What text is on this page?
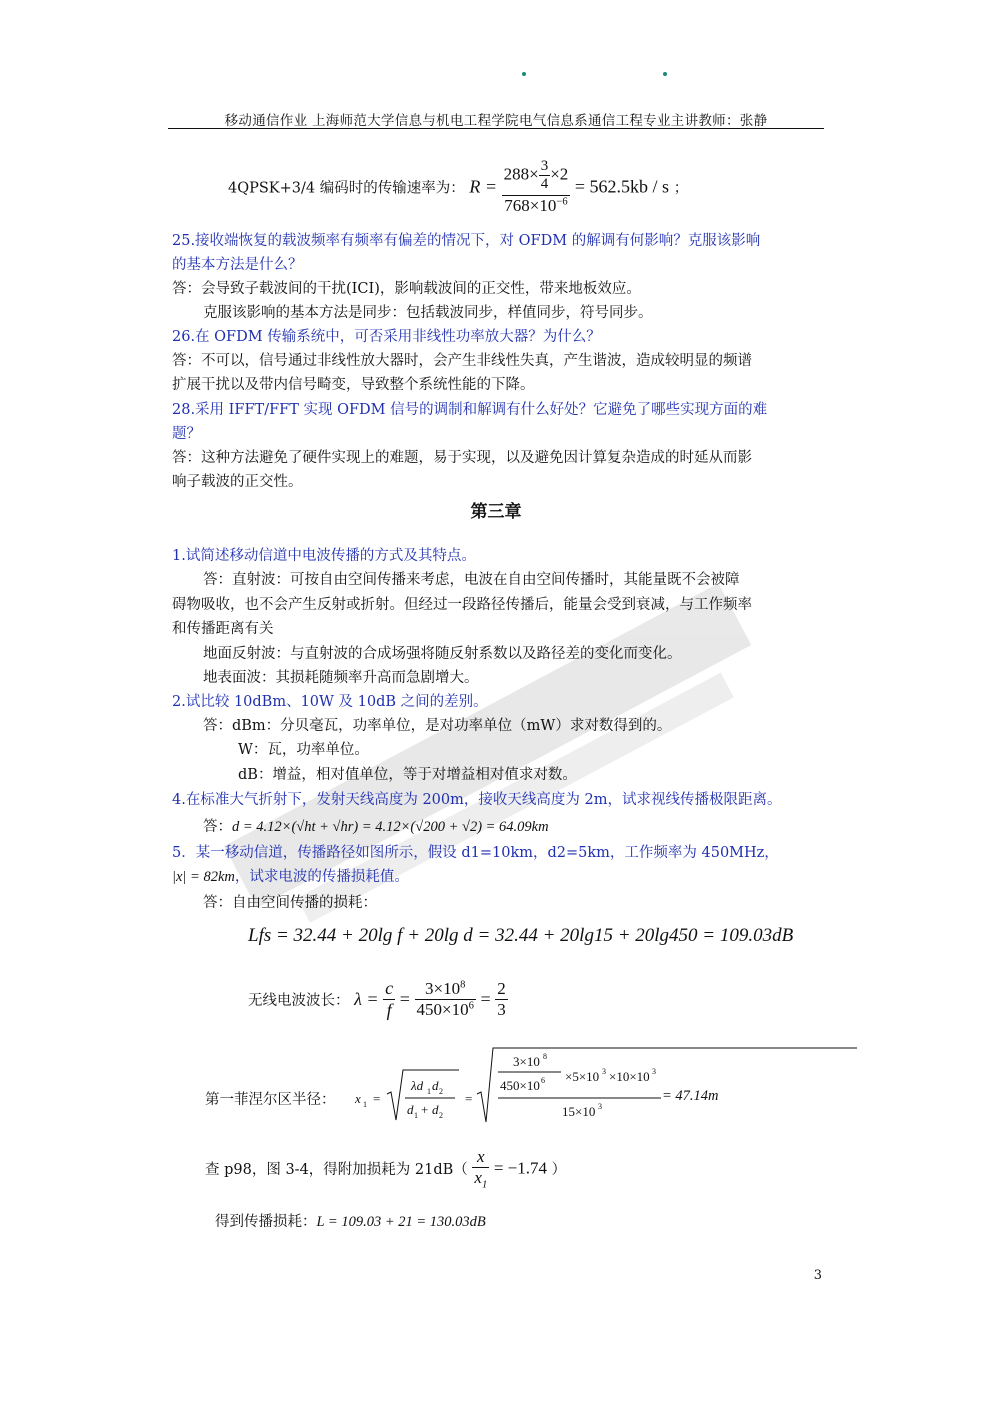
移动通信作业 上海师范大学信息与机电工程学院电气信息系通信工程专业主讲教师：张静
4QPSK+3/4 编码时的传输速率为： $R = \frac{288\times \frac{3}{4} \times 2}{768\times 10^{-6}} = 562.5kb / s$ ；
25.接收端恢复的载波频率有频率有偏差的情况下，对 OFDM 的解调有何影响？克服该影响
的基本方法是什么？
答：会导致子载波间的干扰(ICI)，影响载波间的正交性，带来地板效应。
克服该影响的基本方法是同步：包括载波同步，样值同步，符号同步。
26.在 OFDM 传输系统中，可否采用非线性功率放大器？为什么？
答：不可以，信号通过非线性放大器时，会产生非线性失真，产生谐波，造成较明显的频谱
扩展干扰以及带内信号畸变，导致整个系统性能的下降。
28.采用 IFFT/FFT 实现 OFDM 信号的调制和解调有什么好处？它避免了哪些实现方面的难
题？
答：这种方法避免了硬件实现上的难题，易于实现，以及避免因计算复杂造成的时延从而影
响子载波的正交性。
第三章
1.试简述移动信道中电波传播的方式及其特点。
答：直射波：可按自由空间传播来考虑，电波在自由空间传播时，其能量既不会被障
碍物吸收，也不会产生反射或折射。但经过一段路径传播后，能量会受到衰减，与工作频率
和传播距离有关
地面反射波：与直射波的合成场强将随反射系数以及路径差的变化而变化。
地表面波：其损耗随频率升高而急剧增大。
2.试比较 10dBm、10W 及 10dB 之间的差别。
答：dBm：分贝毫瓦，功率单位，是对功率单位（mW）求对数得到的。
W：瓦，功率单位。
dB：增益，相对值单位，等于对增益相对值求对数。
4.在标准大气折射下，发射天线高度为 200m，接收天线高度为 2m，试求视线传播极限距离。
答：d = 4.12×(√ht + √hr) = 4.12×(√200 + √2) = 64.09km
5．某一移动信道，传播路径如图所示，假设 d1=10km，d2=5km，工作频率为 450MHz，
|x| = 82km，试求电波的传播损耗值。
答：自由空间传播的损耗：
Lfs = 32.44 + 20lg f + 20lg d = 32.44 + 20lg15 + 20lg450 = 109.03dB
无线电波波长： $\lambda = \frac{c}{f} = \frac{3\times 10^8}{450\times 10^6} = \frac{2}{3}$
第一菲涅尔区半径： x 1 =
λd 1 d 2
d 1 + d 2
=
3×10 8
450×10 6 ×5×10 3 ×10×10 3
15×10 3
= 47.14m
查 p98，图 3-4，得附加损耗为 $21dB( \frac{x}{x_1} = -1.74$ ）
得到传播损耗：L = 109.03 + 21 = 130.03dB
3
